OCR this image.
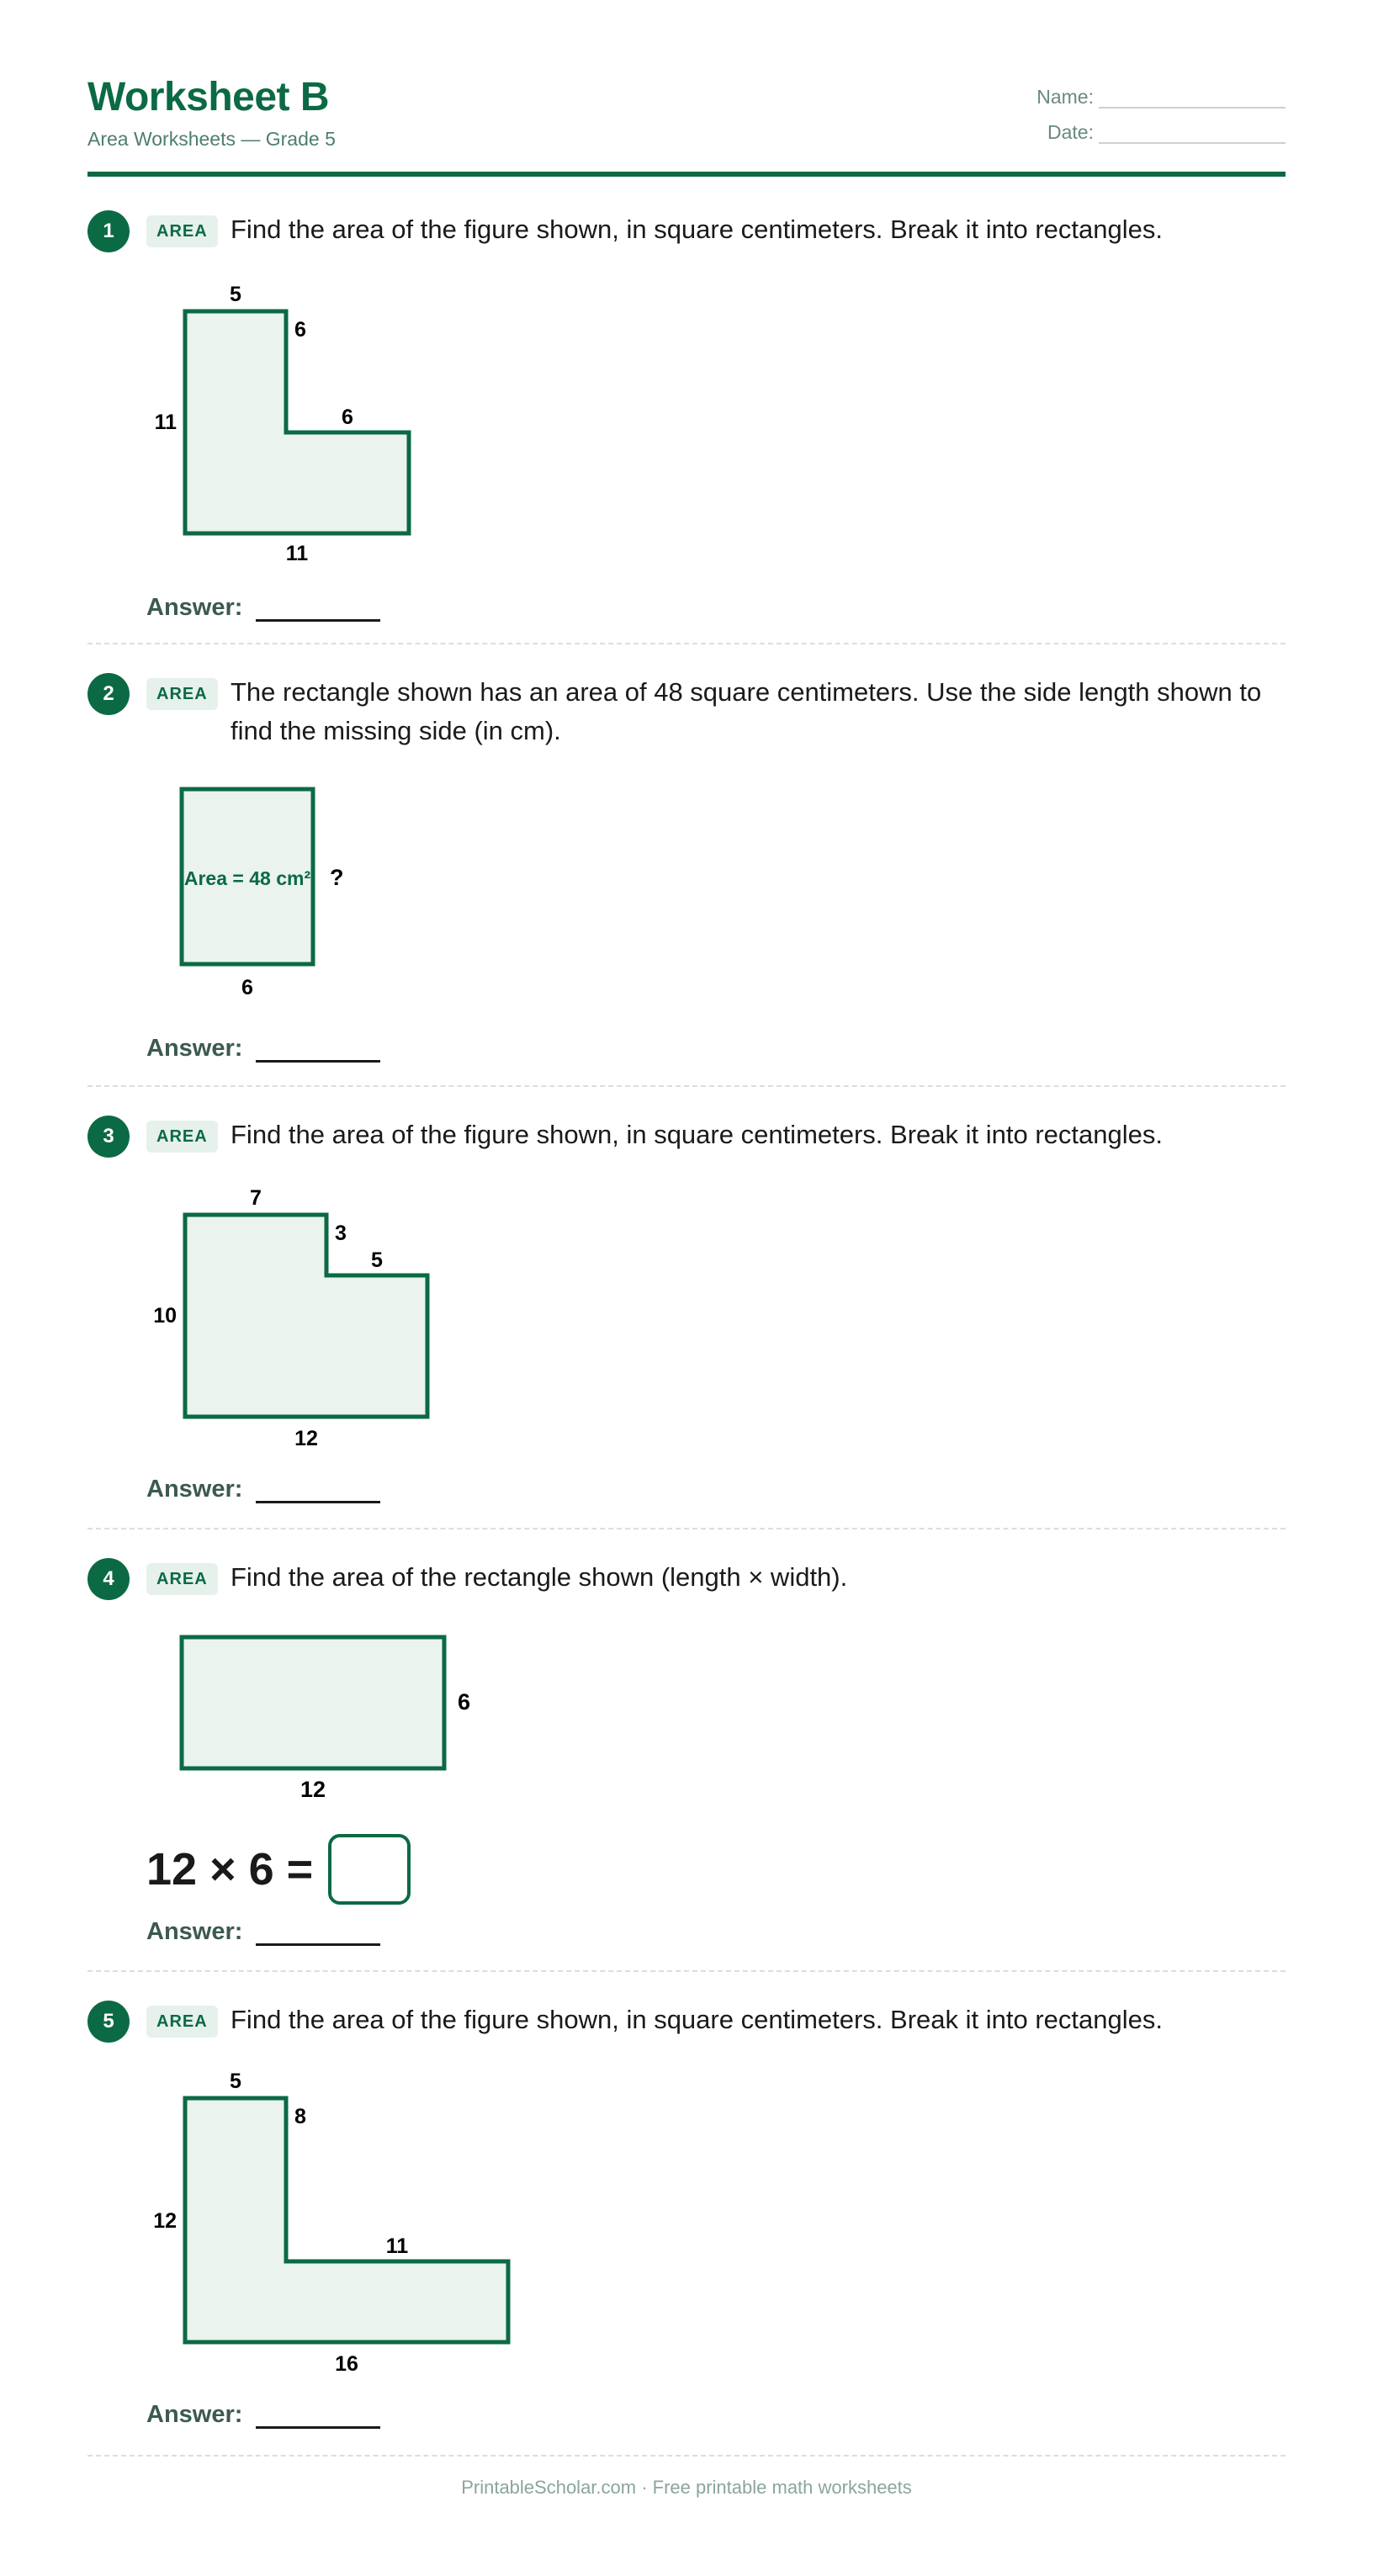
Worksheet B
Area Worksheets — Grade 5
Name:
Date:
1	AREA Find the area of the figure shown, in square centimeters. Break it into rectangles.
5
6
11	6
11
Answer:
2	AREA The rectangle shown has an area of 48 square centimeters. Use the side length shown to find the missing side (in cm).
Area = 48 cm² ?
6
Answer:
3	AREA Find the area of the figure shown, in square centimeters. Break it into rectangles.
7
3
10
5
12
Answer:
4	AREA Find the area of the rectangle shown (length × width).
6
12
12 × 6 =
Answer:
5	AREA Find the area of the figure shown, in square centimeters. Break it into rectangles.
5
8
12
11
16
Answer:
PrintableScholar.com · Free printable math worksheets
